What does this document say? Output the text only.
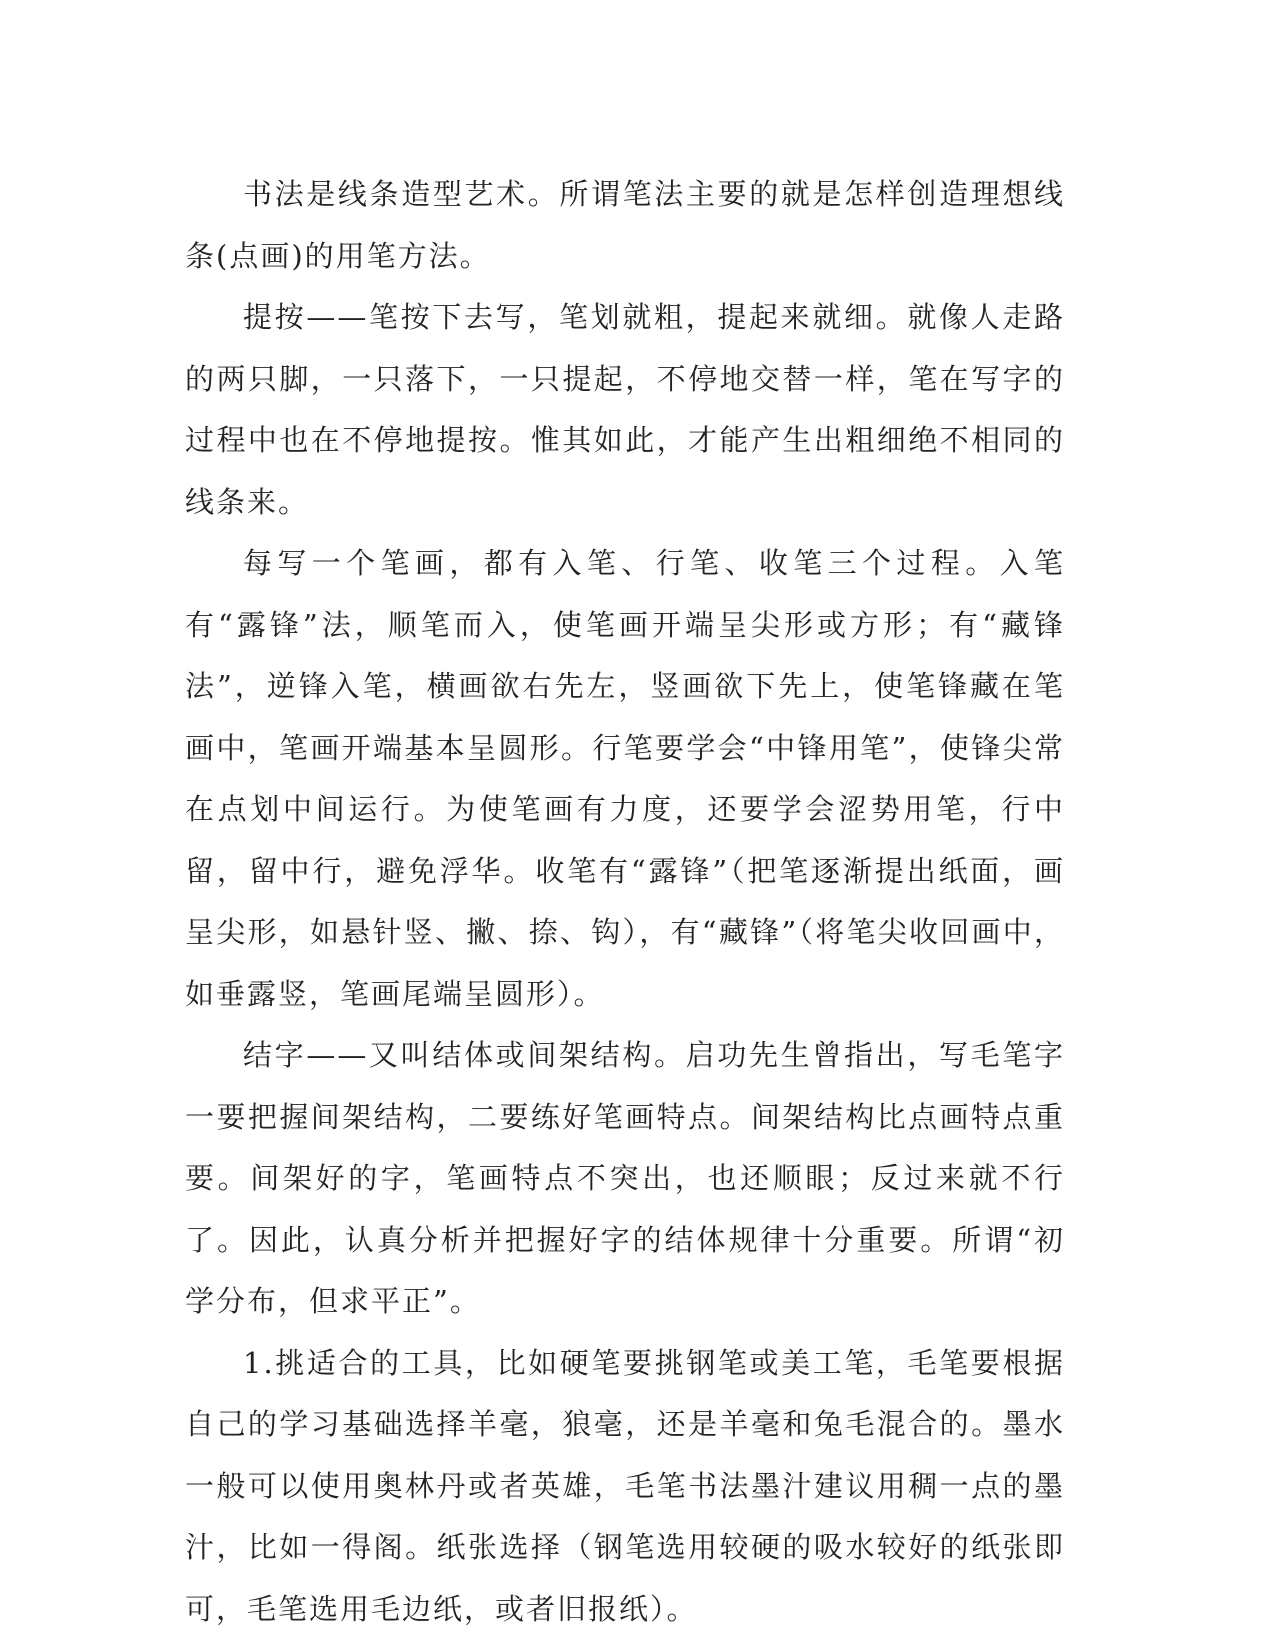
书法是线条造型艺术。所谓笔法主要的就是怎样创造理想线条(点画)的用笔方法。

提按——笔按下去写，笔划就粗，提起来就细。就像人走路的两只脚，一只落下，一只提起，不停地交替一样，笔在写字的过程中也在不停地提按。惟其如此，才能产生出粗细绝不相同的线条来。

每写一个笔画，都有入笔、行笔、收笔三个过程。入笔有“露锋”法，顺笔而入，使笔画开端呈尖形或方形；有“藏锋法”，逆锋入笔，横画欲右先左，竖画欲下先上，使笔锋藏在笔画中，笔画开端基本呈圆形。行笔要学会“中锋用笔”，使锋尖常在点划中间运行。为使笔画有力度，还要学会涩势用笔，行中留，留中行，避免浮华。收笔有“露锋”（把笔逐渐提出纸面，画呈尖形，如悬针竖、撇、捺、钩），有“藏锋”（将笔尖收回画中，如垂露竖，笔画尾端呈圆形）。

结字——又叫结体或间架结构。启功先生曾指出，写毛笔字一要把握间架结构，二要练好笔画特点。间架结构比点画特点重要。间架好的字，笔画特点不突出，也还顺眼；反过来就不行了。因此，认真分析并把握好字的结体规律十分重要。所谓“初学分布，但求平正”。

1.挑适合的工具，比如硬笔要挑钢笔或美工笔，毛笔要根据自己的学习基础选择羊毫，狼毫，还是羊毫和兔毛混合的。墨水一般可以使用奥林丹或者英雄，毛笔书法墨汁建议用稠一点的墨汁，比如一得阁。纸张选择（钢笔选用较硬的吸水较好的纸张即可，毛笔选用毛边纸，或者旧报纸）。
